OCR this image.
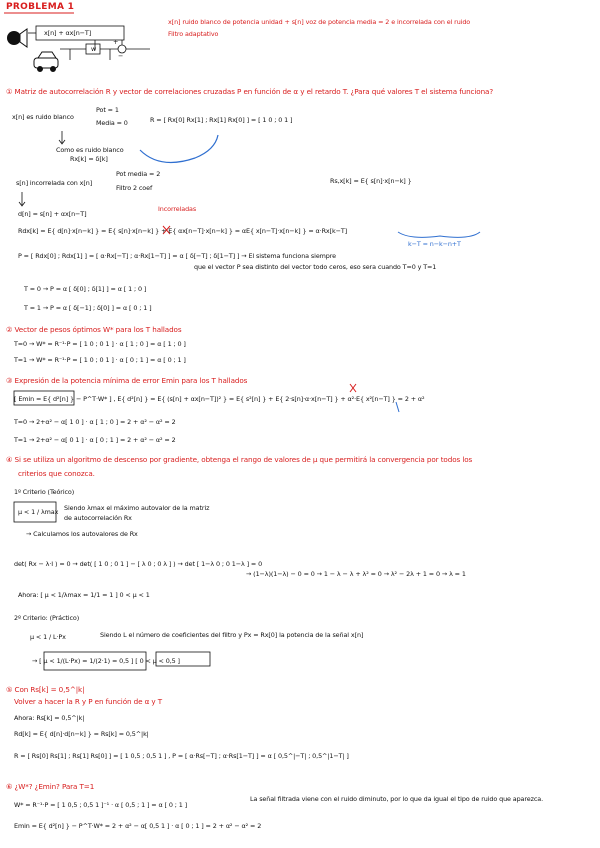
PROBLEMA 1
x[n] + αx[n−T]
+
−
w
x[n] ruido blanco de potencia unidad + s[n] voz de potencia media = 2 e incorrelada con el ruido
Filtro adaptativo
① Matriz de autocorrelación R y vector de correlaciones cruzadas P en función de α y el retardo T. ¿Para qué valores T el sistema funciona?
x[n] es ruido blanco
Pot = 1
Media = 0	R = [ Rx[0] Rx[1] ; Rx[1] Rx[0] ] = [ 1 0 ; 0 1 ]
Como es ruido blanco
Rx[k] = δ[k]
s[n] incorrelada con x[n]
Pot media = 2
Filtro 2 coef
Rs,x[k] = E{ s[n]·x[n−k] }
d[n] = s[n] + αx[n−T]
Incorreladas
Rdx[k] = E{ d[n]·x[n−k] } = E{ s[n]·x[n−k] } + E{ αx[n−T]·x[n−k] } = αE{ x[n−T]·x[n−k] } = α·Rx[k−T]
k−T = n−k−n+T
P = [ Rdx[0] ; Rdx[1] ] = [ α·Rx[−T] ; α·Rx[1−T] ] = α [ δ[−T] ; δ[1−T] ] → El sistema funciona siempre
que el vector P sea distinto del vector todo ceros, eso sera cuando T=0 y T=1
T = 0 → P = α [ δ[0] ; δ[1] ] = α [ 1 ; 0 ]
T = 1 → P = α [ δ[−1] ; δ[0] ] = α [ 0 ; 1 ]
② Vector de pesos óptimos W* para los T hallados
T=0 → W* = R⁻¹·P = [ 1 0 ; 0 1 ] · α [ 1 ; 0 ] = α [ 1 ; 0 ]
T=1 → W* = R⁻¹·P = [ 1 0 ; 0 1 ] · α [ 0 ; 1 ] = α [ 0 ; 1 ]
③ Expresión de la potencia mínima de error Emin para los T hallados
[ Emin = E{ d²[n] } − P^T·W* ] , E{ d²[n] } = E{ (s[n] + αx[n−T])² } = E{ s²[n] } + E{ 2·s[n]·α·x[n−T] } + α²·E{ x²[n−T] } = 2 + α²
T=0 → 2+α² − α[ 1 0 ] · α [ 1 ; 0 ] = 2 + α² − α² = 2
T=1 → 2+α² − α[ 0 1 ] · α [ 0 ; 1 ] = 2 + α² − α² = 2
④ Si se utiliza un algoritmo de descenso por gradiente, obtenga el rango de valores de μ que permitirá la convergencia por todos los
criterios que conozca.
1º Criterio (Teórico)
μ < 1 / λmax Siendo λmax el máximo autovalor de la matriz
de autocorrelación Rx
→ Calculamos los autovalores de Rx
det( Rx − λ·I ) = 0 → det( [ 1 0 ; 0 1 ] − [ λ 0 ; 0 λ ] ) → det [ 1−λ 0 ; 0 1−λ ] = 0
→ (1−λ)(1−λ) − 0 = 0 → 1 − λ − λ + λ² = 0 → λ² − 2λ + 1 = 0 → λ = 1
Ahora: [ μ < 1/λmax = 1/1 = 1 ] 0 < μ < 1
2º Criterio: (Práctico)
μ < 1 / L·Px	Siendo L el número de coeficientes del filtro y Px = Rx[0] la potencia de la señal x[n]
→ [ μ < 1/(L·Px) = 1/(2·1) = 0,5 ] [ 0 < μ < 0,5 ]
⑤ Con Rs[k] = 0,5^|k|
Volver a hacer la R y P en función de α y T
Ahora: Rs[k] = 0,5^|k|
Rd[k] = E{ d[n]·d[n−k] } = Rs[k] = 0,5^|k|
R = [ Rs[0] Rs[1] ; Rs[1] Rs[0] ] = [ 1 0,5 ; 0,5 1 ] , P = [ α·Rs[−T] ; α·Rs[1−T] ] = α [ 0,5^|−T| ; 0,5^|1−T| ]
⑥ ¿W*? ¿Emin? Para T=1
W* = R⁻¹·P = [ 1 0,5 ; 0,5 1 ]⁻¹ · α [ 0,5 ; 1 ] = α [ 0 ; 1 ]
Emin = E{ d²[n] } − P^T·W* = 2 + α² − α[ 0,5 1 ] · α [ 0 ; 1 ] = 2 + α² − α² = 2
La señal filtrada viene con el ruido diminuto, por lo que da igual el tipo de ruido que aparezca.
